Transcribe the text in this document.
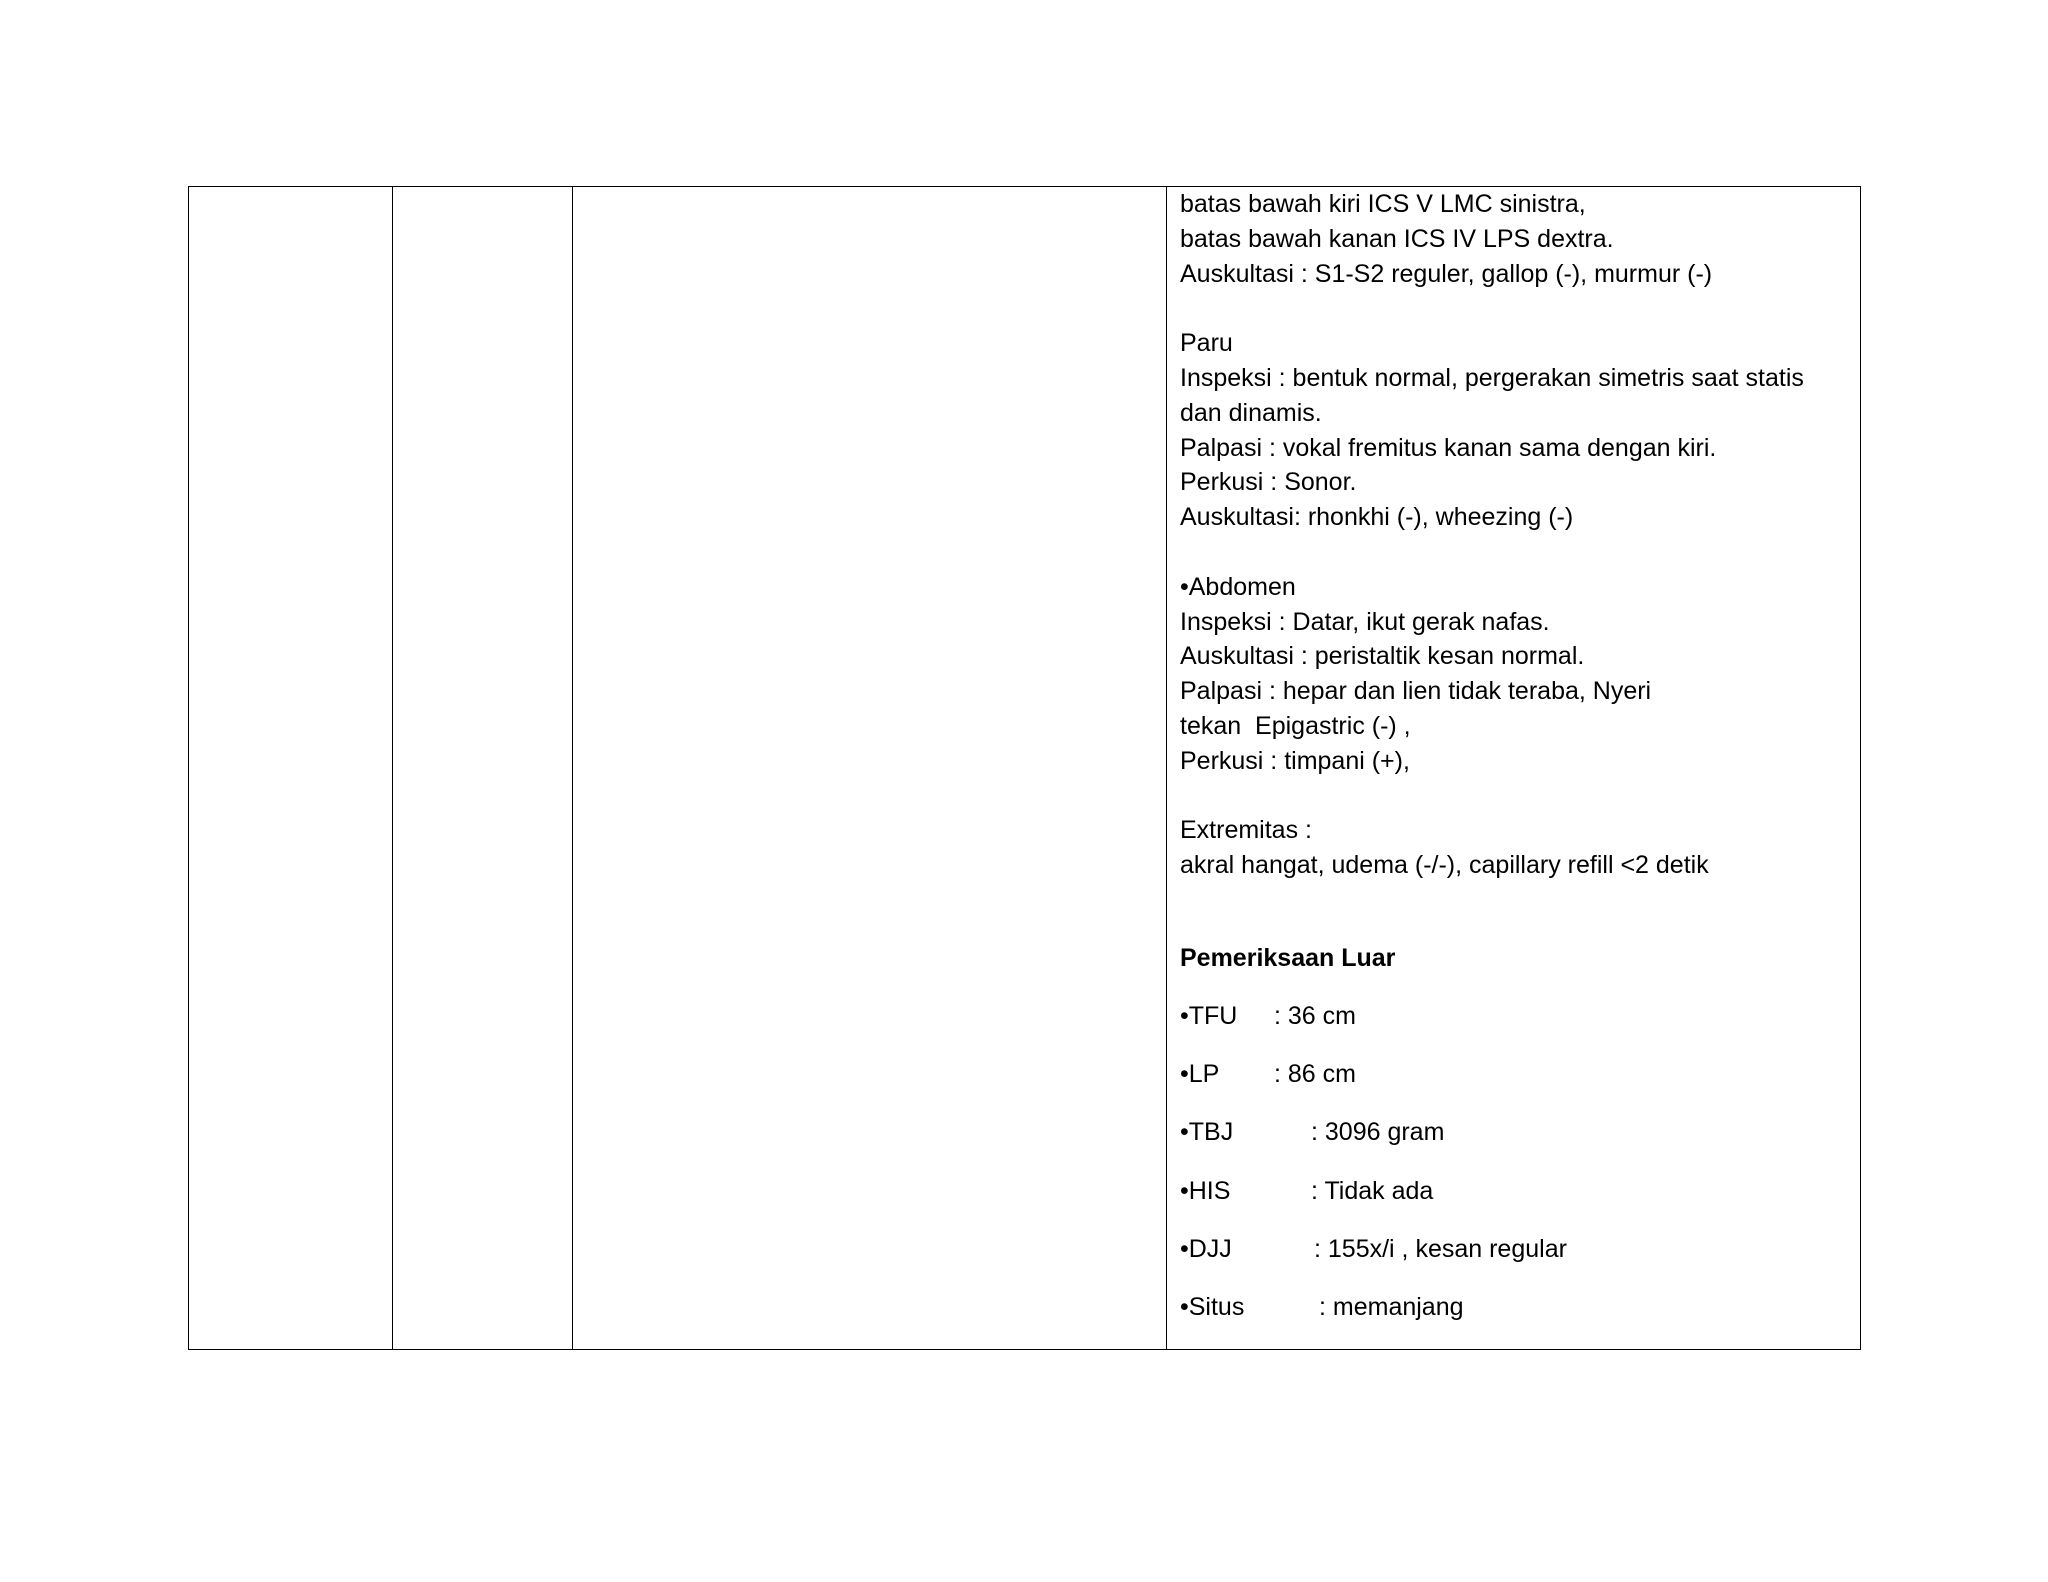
batas bawah kiri ICS V LMC sinistra,
batas bawah kanan ICS IV LPS dextra.
Auskultasi : S1-S2 reguler, gallop (-), murmur (-)
Paru
Inspeksi : bentuk normal, pergerakan simetris saat statis
dan dinamis.
Palpasi : vokal fremitus kanan sama dengan kiri.
Perkusi : Sonor.
Auskultasi: rhonkhi (-), wheezing (-)
•Abdomen
Inspeksi : Datar, ikut gerak nafas.
Auskultasi : peristaltik kesan normal.
Palpasi : hepar dan lien tidak teraba, Nyeri
tekan  Epigastric (-) ,
Perkusi : timpani (+),
Extremitas :
akral hangat, udema (-/-), capillary refill <2 detik
Pemeriksaan Luar
•TFU : 36 cm
•LP : 86 cm
•TBJ	: 3096 gram
•HIS	: Tidak ada
•DJJ	: 155x/i , kesan regular
•Situs	: memanjang
